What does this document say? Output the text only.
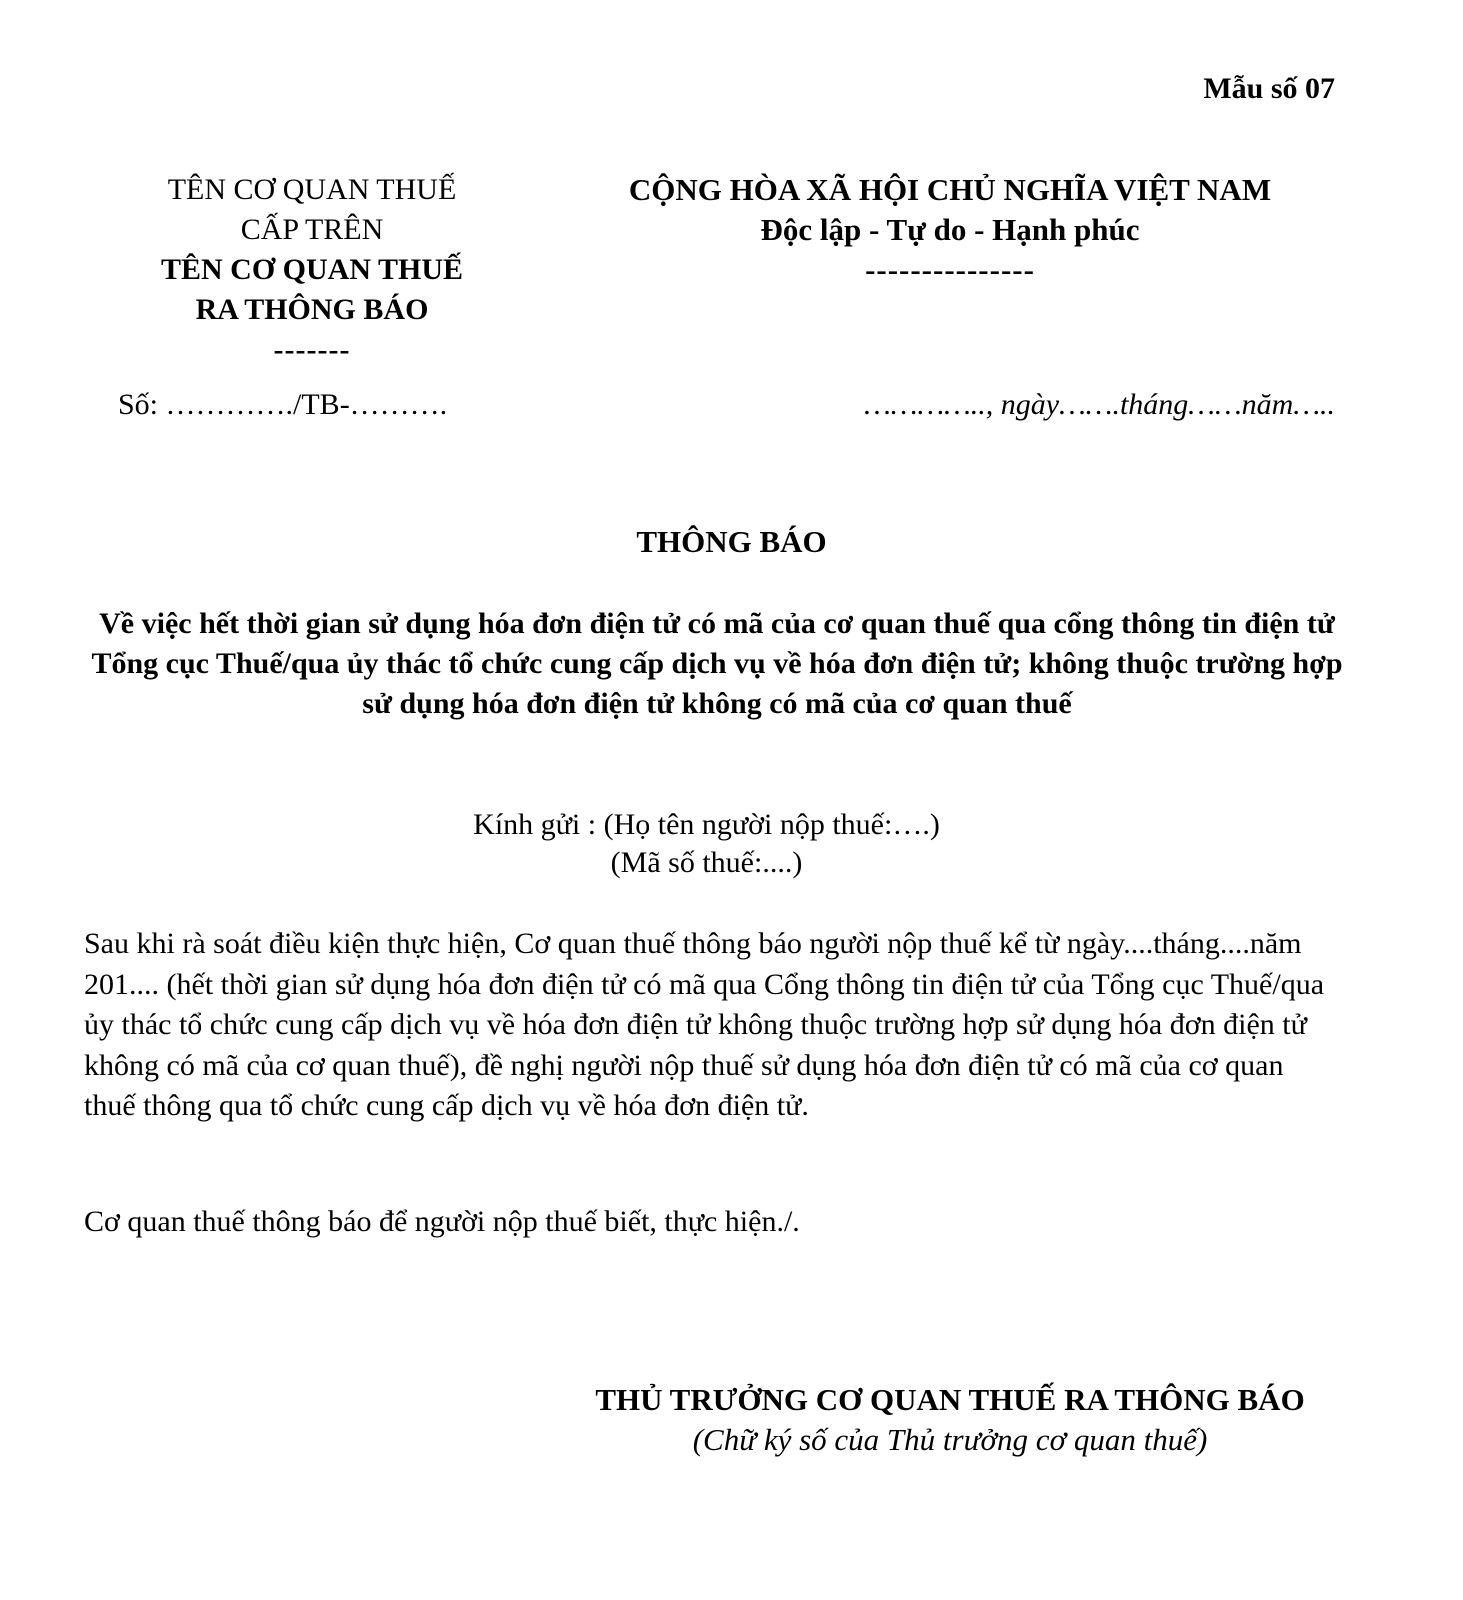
Mẫu số 07
TÊN CƠ QUAN THUẾ
CẤP TRÊN
TÊN CƠ QUAN THUẾ
RA THÔNG BÁO
-------
CỘNG HÒA XÃ HỘI CHỦ NGHĨA VIỆT NAM
Độc lập - Tự do - Hạnh phúc
---------------
Số: …………./TB-……….	………….., ngày…….tháng……năm…..
THÔNG BÁO
Về việc hết thời gian sử dụng hóa đơn điện tử có mã của cơ quan thuế qua cổng thông tin điện tử Tổng cục Thuế/qua ủy thác tổ chức cung cấp dịch vụ về hóa đơn điện tử; không thuộc trường hợp sử dụng hóa đơn điện tử không có mã của cơ quan thuế
Kính gửi : (Họ tên người nộp thuế:….)
(Mã số thuế:....)
Sau khi rà soát điều kiện thực hiện, Cơ quan thuế thông báo người nộp thuế kể từ ngày....tháng....năm 201.... (hết thời gian sử dụng hóa đơn điện tử có mã qua Cổng thông tin điện tử của Tổng cục Thuế/qua ủy thác tổ chức cung cấp dịch vụ về hóa đơn điện tử không thuộc trường hợp sử dụng hóa đơn điện tử không có mã của cơ quan thuế), đề nghị người nộp thuế sử dụng hóa đơn điện tử có mã của cơ quan thuế thông qua tổ chức cung cấp dịch vụ về hóa đơn điện tử.
Cơ quan thuế thông báo để người nộp thuế biết, thực hiện./.
THỦ TRƯỞNG CƠ QUAN THUẾ RA THÔNG BÁO
(Chữ ký số của Thủ trưởng cơ quan thuế)
